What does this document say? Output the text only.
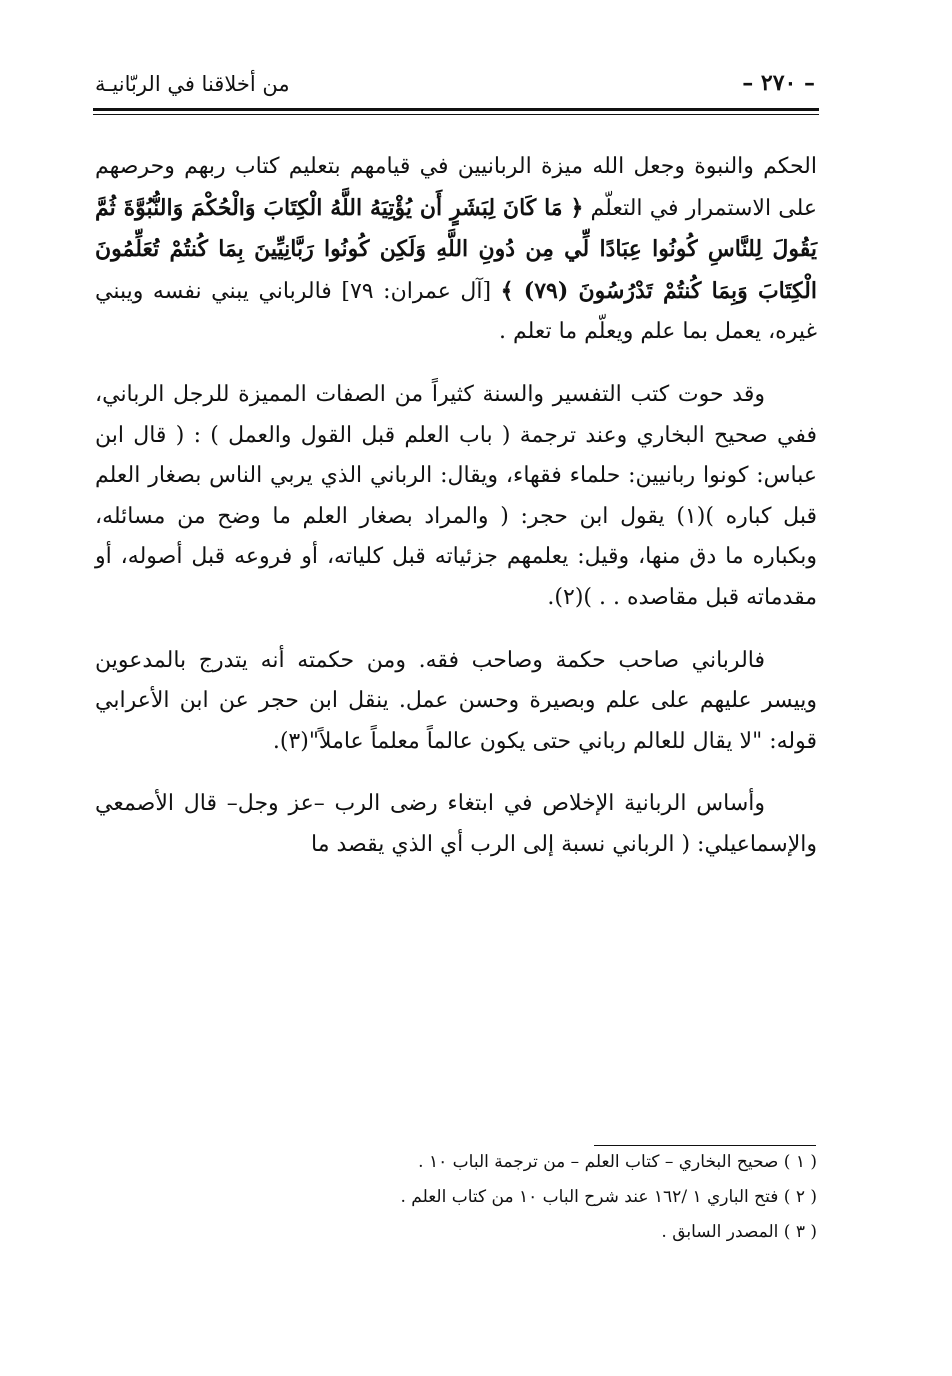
– ٢٧٠ –
من أخلاقنا في الربّانيـة

الحكم والنبوة وجعل الله ميزة الربانيين في قيامهم بتعليم كتاب ربهم وحرصهم على الاستمرار في التعلّم ﴿ مَا كَانَ لِبَشَرٍ أَن يُؤْتِيَهُ اللَّهُ الْكِتَابَ وَالْحُكْمَ وَالنُّبُوَّةَ ثُمَّ يَقُولَ لِلنَّاسِ كُونُوا عِبَادًا لِّي مِن دُونِ اللَّهِ وَلَكِن كُونُوا رَبَّانِيِّينَ بِمَا كُنتُمْ تُعَلِّمُونَ الْكِتَابَ وَبِمَا كُنتُمْ تَدْرُسُونَ (٧٩) ﴾ [آل عمران: ٧٩] فالرباني يبني نفسه ويبني غيره، يعمل بما علم ويعلّم ما تعلم .

وقد حوت كتب التفسير والسنة كثيراً من الصفات المميزة للرجل الرباني، ففي صحيح البخاري وعند ترجمة ( باب العلم قبل القول والعمل ) : ( قال ابن عباس: كونوا ربانيين: حلماء فقهاء، ويقال: الرباني الذي يربي الناس بصغار العلم قبل كباره )(١) يقول ابن حجر: ( والمراد بصغار العلم ما وضح من مسائله، وبكباره ما دق منها، وقيل: يعلمهم جزئياته قبل كلياته، أو فروعه قبل أصوله، أو مقدماته قبل مقاصده . . )(٢).

فالرباني صاحب حكمة وصاحب فقه. ومن حكمته أنه يتدرج بالمدعوين وييسر عليهم على علم وبصيرة وحسن عمل. ينقل ابن حجر عن ابن الأعرابي قوله: "لا يقال للعالم رباني حتى يكون عالماً معلماً عاملاً"(٣).

وأساس الربانية الإخلاص في ابتغاء رضى الرب –عز وجل– قال الأصمعي والإسماعيلي: ( الرباني نسبة إلى الرب أي الذي يقصد ما

( ١ ) صحيح البخاري – كتاب العلم – من ترجمة الباب ١٠ .

( ٢ ) فتح الباري ١ /١٦٢ عند شرح الباب ١٠ من كتاب العلم .

( ٣ ) المصدر السابق .
